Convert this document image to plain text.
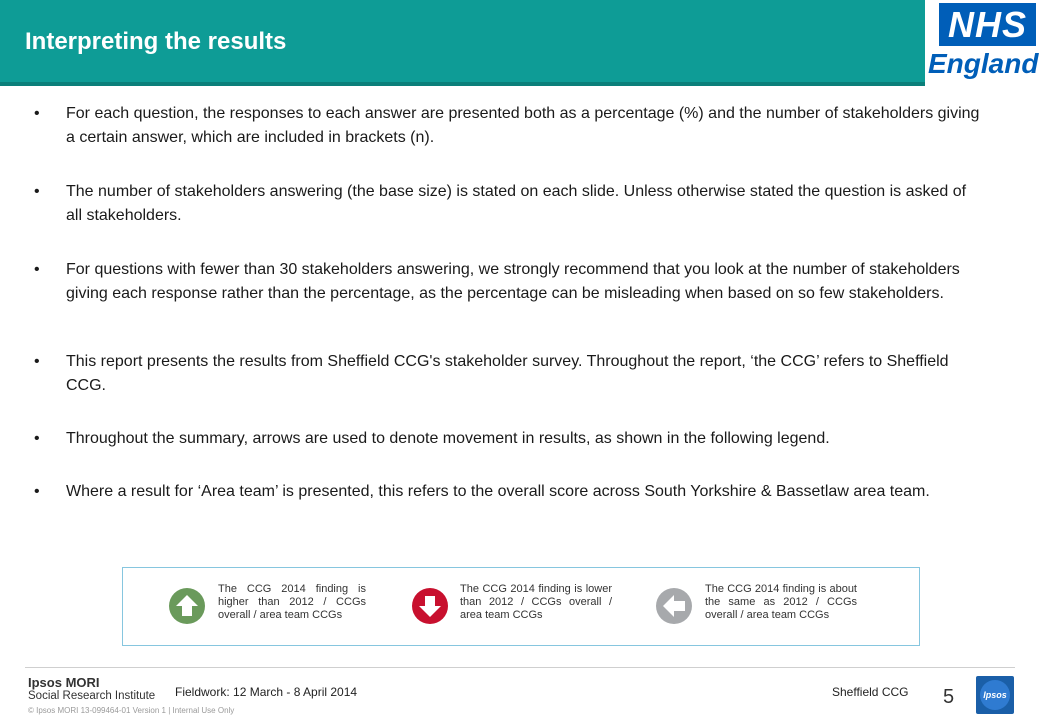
Interpreting the results	NHS
England
• For each question, the responses to each answer are presented both as a percentage (%) and the number of stakeholders giving a certain answer, which are included in brackets (n).
• The number of stakeholders answering (the base size) is stated on each slide. Unless otherwise stated the question is asked of all stakeholders.
• For questions with fewer than 30 stakeholders answering, we strongly recommend that you look at the number of stakeholders giving each response rather than the percentage, as the percentage can be misleading when based on so few stakeholders.
• This report presents the results from Sheffield CCG's stakeholder survey. Throughout the report, ‘the CCG’ refers to Sheffield CCG.
• Throughout the summary, arrows are used to denote movement in results, as shown in the following legend.
• Where a result for ‘Area team’ is presented, this refers to the overall score across South Yorkshire & Bassetlaw area team.
The CCG 2014 finding is higher than 2012 / CCGs overall / area team CCGs
The CCG 2014 finding is lower than 2012 / CCGs overall / area team CCGs
The CCG 2014 finding is about the same as 2012 / CCGs overall / area team CCGs
Ipsos MORI
Social Research Institute Fieldwork: 12 March - 8 April 2014	Sheffield CCG 5
© Ipsos MORI 13-099464-01 Version 1 | Internal Use Only
Ipsos
